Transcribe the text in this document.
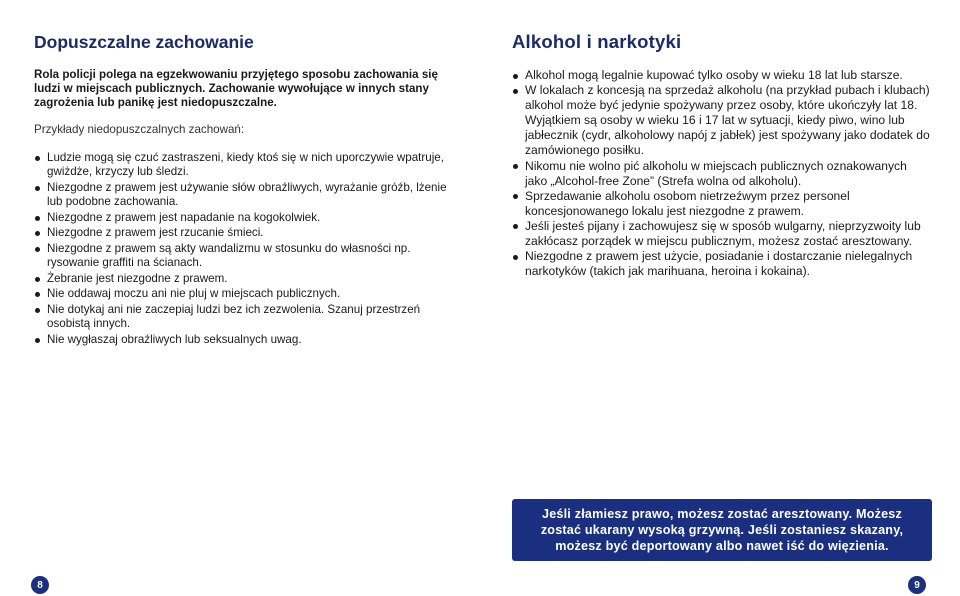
Dopuszczalne zachowanie

Rola policji polega na egzekwowaniu przyjętego sposobu zachowania się ludzi w miejscach publicznych. Zachowanie wywołujące w innych stany zagrożenia lub panikę jest niedopuszczalne.

Przykłady niedopuszczalnych zachowań:

Ludzie mogą się czuć zastraszeni, kiedy ktoś się w nich uporczywie wpatruje, gwiżdże, krzyczy lub śledzi.
Niezgodne z prawem jest używanie słów obraźliwych, wyrażanie gróźb, lżenie lub podobne zachowania.
Niezgodne z prawem jest napadanie na kogokolwiek.
Niezgodne z prawem jest rzucanie śmieci.
Niezgodne z prawem są akty wandalizmu w stosunku do własności np. rysowanie graffiti na ścianach.
Żebranie jest niezgodne z prawem.
Nie oddawaj moczu ani nie pluj w miejscach publicznych.
Nie dotykaj ani nie zaczepiaj ludzi bez ich zezwolenia. Szanuj przestrzeń osobistą innych.
Nie wygłaszaj obraźliwych lub seksualnych uwag.
Alkohol i narkotyki
Alkohol mogą legalnie kupować tylko osoby w wieku 18 lat lub starsze.
W lokalach z koncesją na sprzedaż alkoholu (na przykład pubach i klubach) alkohol może być jedynie spożywany przez osoby, które ukończyły lat 18. Wyjątkiem są osoby w wieku 16 i 17 lat w sytuacji, kiedy piwo, wino lub jabłecznik (cydr, alkoholowy napój z jabłek) jest spożywany jako dodatek do zamówionego posiłku.
Nikomu nie wolno pić alkoholu w miejscach publicznych oznakowanych jako „Alcohol-free Zone” (Strefa wolna od alkoholu).
Sprzedawanie alkoholu osobom nietrzeźwym przez personel koncesjonowanego lokalu jest niezgodne z prawem.
Jeśli jesteś pijany i zachowujesz się w sposób wulgarny, nieprzyzwoity lub zakłócasz porządek w miejscu publicznym, możesz zostać aresztowany.
Niezgodne z prawem jest użycie, posiadanie i dostarczanie nielegalnych narkotyków (takich jak marihuana, heroina i kokaina).

Jeśli złamiesz prawo, możesz zostać aresztowany. Możesz zostać ukarany wysoką grzywną. Jeśli zostaniesz skazany, możesz być deportowany albo nawet iść do więzienia.

8	9
